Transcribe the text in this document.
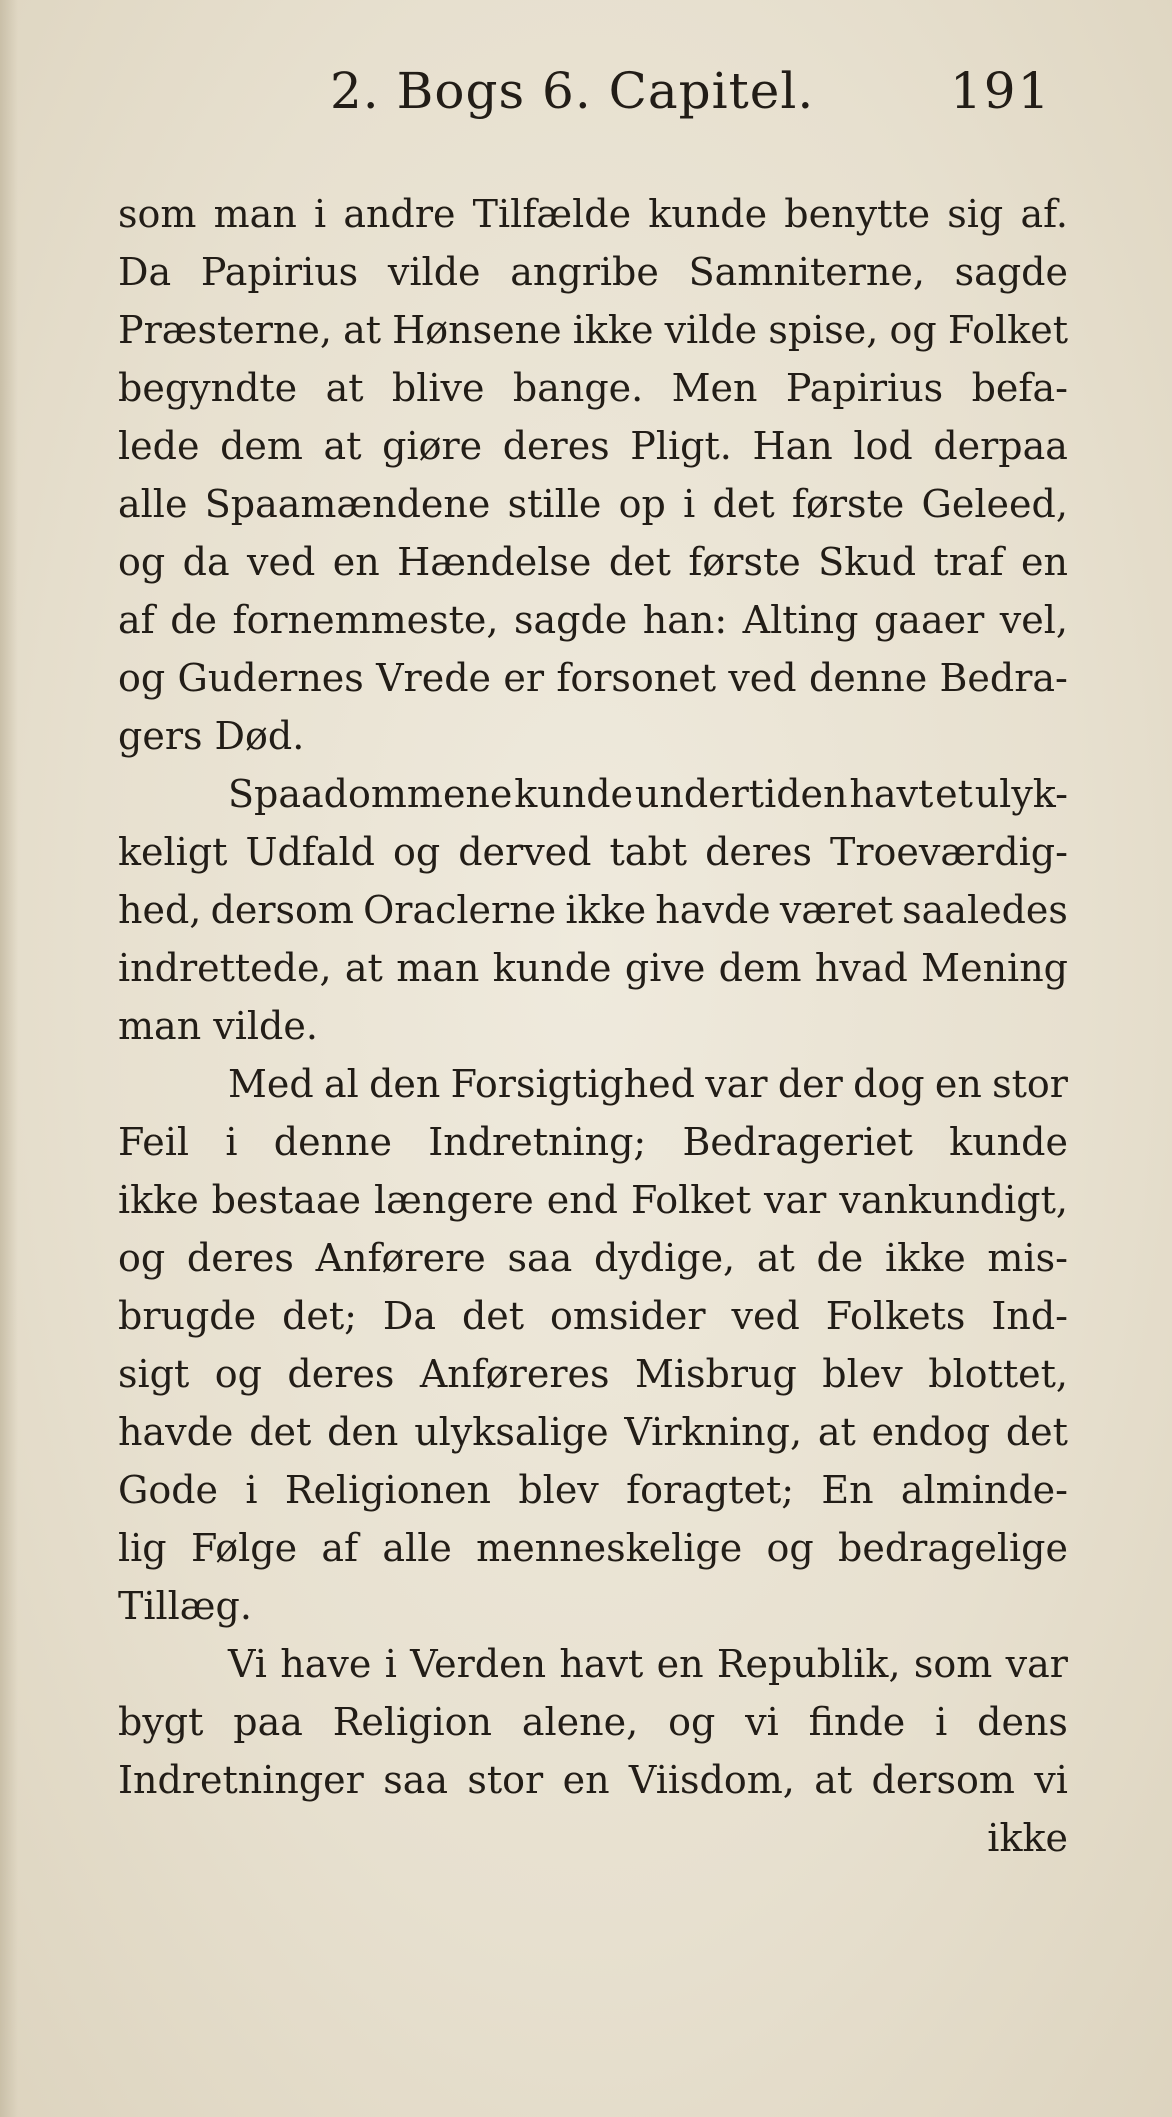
2. Bogs 6. Capitel.	191
som man i andre Tilfælde kunde benytte sig af.
Da Papirius vilde angribe Samniterne, sagde
Præsterne, at Hønsene ikke vilde spise, og Folket
begyndte at blive bange. Men Papirius befa-
lede dem at giøre deres Pligt. Han lod derpaa
alle Spaamændene stille op i det første Geleed,
og da ved en Hændelse det første Skud traf en
af de fornemmeste, sagde han: Alting gaaer vel,
og Gudernes Vrede er forsonet ved denne Bedra-
gers Død.
Spaadommene kunde undertiden havt et ulyk-
keligt Udfald og derved tabt deres Troeværdig-
hed, dersom Oraclerne ikke havde været saaledes
indrettede, at man kunde give dem hvad Mening
man vilde.
Med al den Forsigtighed var der dog en stor
Feil i denne Indretning; Bedrageriet kunde
ikke bestaae længere end Folket var vankundigt,
og deres Anførere saa dydige, at de ikke mis-
brugde det; Da det omsider ved Folkets Ind-
sigt og deres Anføreres Misbrug blev blottet,
havde det den ulyksalige Virkning, at endog det
Gode i Religionen blev foragtet; En alminde-
lig Følge af alle menneskelige og bedragelige
Tillæg.
Vi have i Verden havt en Republik, som var
bygt paa Religion alene, og vi finde i dens
Indretninger saa stor en Viisdom, at dersom vi
ikke
